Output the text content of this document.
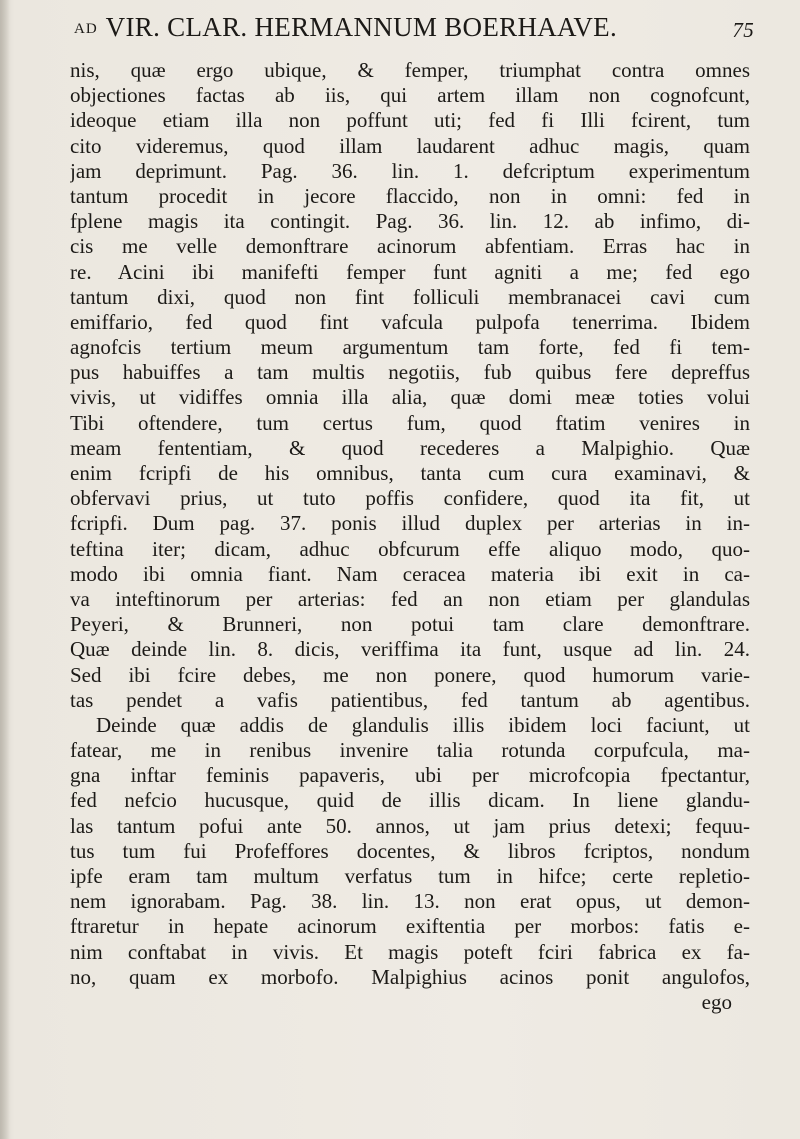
AD VIR. CLAR. HERMANNUM BOERHAAVE.	75
nis, quæ ergo ubique, & femper, triumphat contra omnes
objectiones factas ab iis, qui artem illam non cognofcunt,
ideoque etiam illa non poffunt uti; fed fi Illi fcirent, tum
cito videremus, quod illam laudarent adhuc magis, quam
jam deprimunt. Pag. 36. lin. 1. defcriptum experimentum
tantum procedit in jecore flaccido, non in omni: fed in
fplene magis ita contingit. Pag. 36. lin. 12. ab infimo, di-
cis me velle demonftrare acinorum abfentiam. Erras hac in
re. Acini ibi manifefti femper funt agniti a me; fed ego
tantum dixi, quod non fint folliculi membranacei cavi cum
emiffario, fed quod fint vafcula pulpofa tenerrima. Ibidem
agnofcis tertium meum argumentum tam forte, fed fi tem-
pus habuiffes a tam multis negotiis, fub quibus fere depreffus
vivis, ut vidiffes omnia illa alia, quæ domi meæ toties volui
Tibi oftendere, tum certus fum, quod ftatim venires in
meam fententiam, & quod recederes a Malpighio. Quæ
enim fcripfi de his omnibus, tanta cum cura examinavi, &
obfervavi prius, ut tuto poffis confidere, quod ita fit, ut
fcripfi. Dum pag. 37. ponis illud duplex per arterias in in-
teftina iter; dicam, adhuc obfcurum effe aliquo modo, quo-
modo ibi omnia fiant. Nam ceracea materia ibi exit in ca-
va inteftinorum per arterias: fed an non etiam per glandulas
Peyeri, & Brunneri, non potui tam clare demonftrare.
Quæ deinde lin. 8. dicis, veriffima ita funt, usque ad lin. 24.
Sed ibi fcire debes, me non ponere, quod humorum varie-
tas pendet a vafis patientibus, fed tantum ab agentibus.
Deinde quæ addis de glandulis illis ibidem loci faciunt, ut
fatear, me in renibus invenire talia rotunda corpufcula, ma-
gna inftar feminis papaveris, ubi per microfcopia fpectantur,
fed nefcio hucusque, quid de illis dicam. In liene glandu-
las tantum pofui ante 50. annos, ut jam prius detexi; fequu-
tus tum fui Profeffores docentes, & libros fcriptos, nondum
ipfe eram tam multum verfatus tum in hifce; certe repletio-
nem ignorabam. Pag. 38. lin. 13. non erat opus, ut demon-
ftraretur in hepate acinorum exiftentia per morbos: fatis e-
nim conftabat in vivis. Et magis poteft fciri fabrica ex fa-
no, quam ex morbofo. Malpighius acinos ponit angulofos,
ego
